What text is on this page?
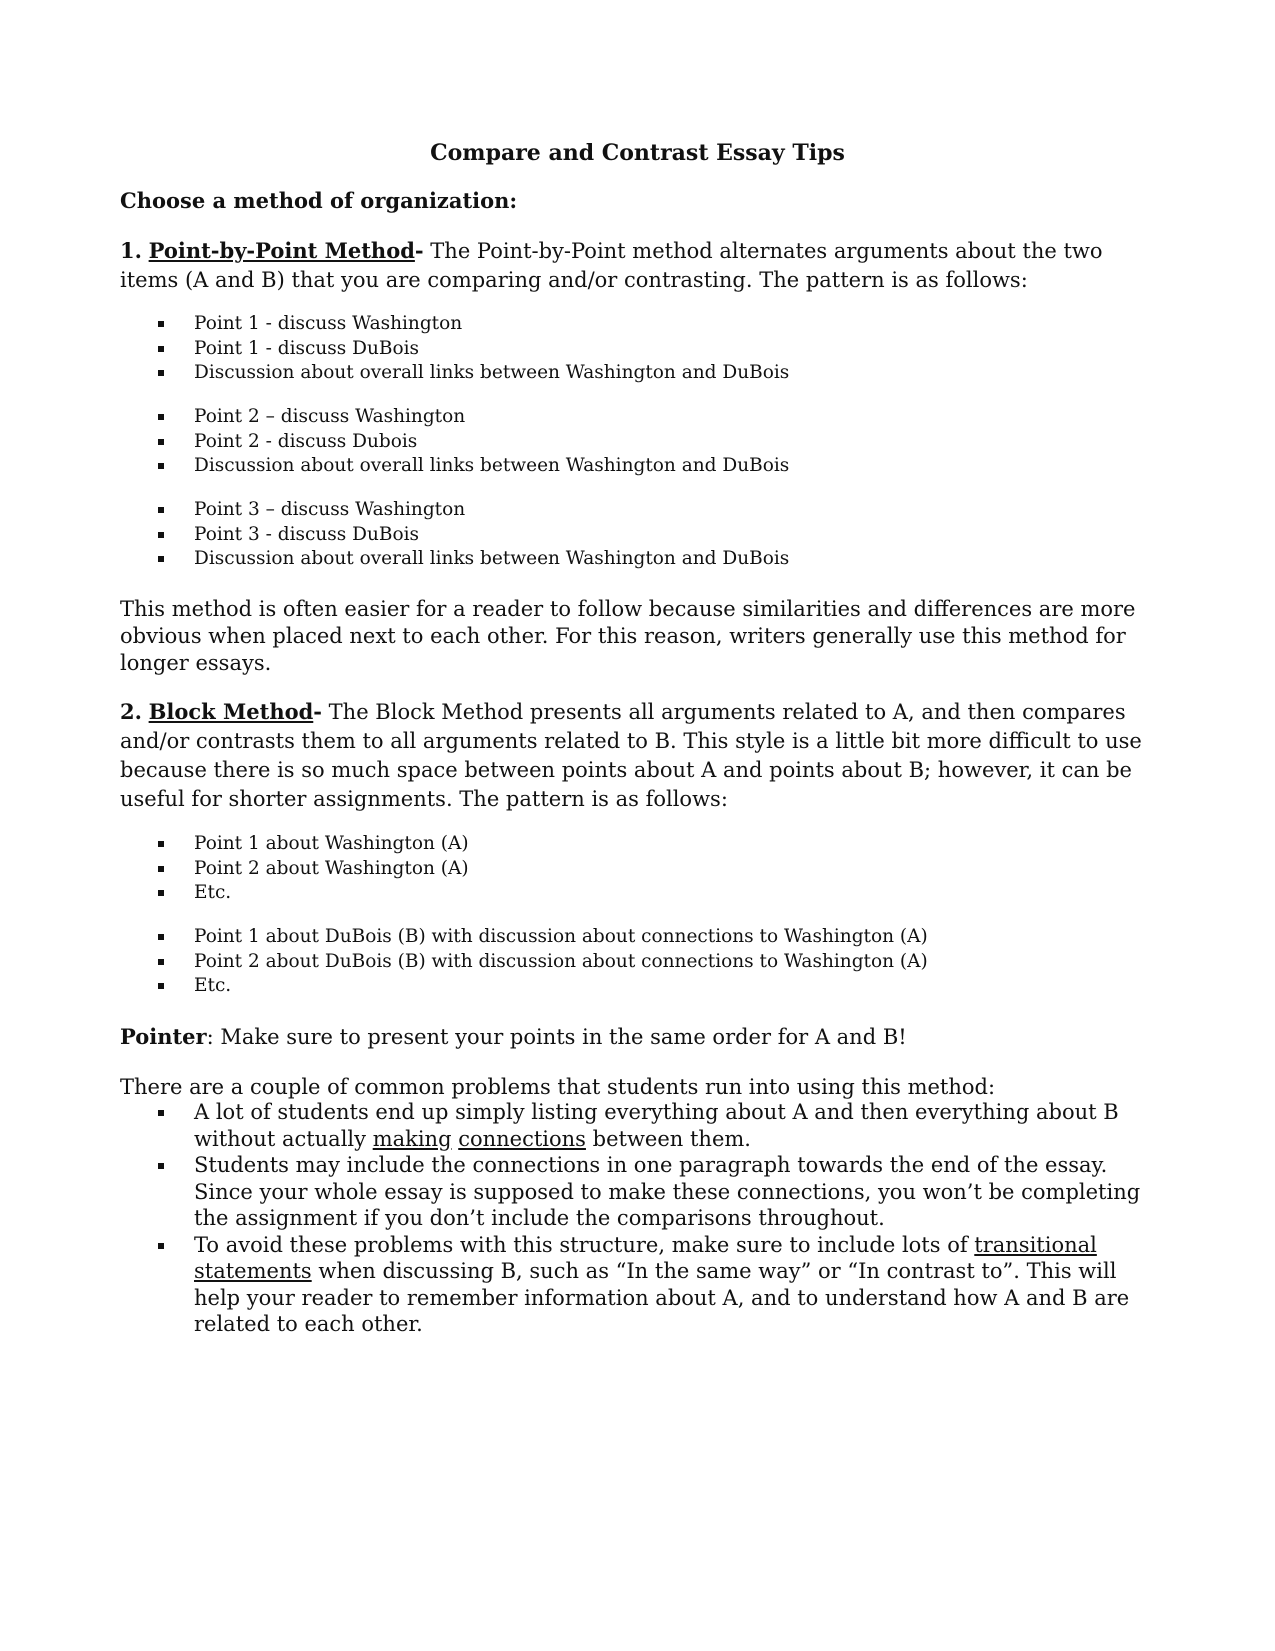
Compare and Contrast Essay Tips
Choose a method of organization:
1. Point-by-Point Method- The Point-by-Point method alternates arguments about the two items (A and B) that you are comparing and/or contrasting. The pattern is as follows:
Point 1 - discuss Washington
Point 1 - discuss DuBois
Discussion about overall links between Washington and DuBois
Point 2 – discuss Washington
Point 2 - discuss Dubois
Discussion about overall links between Washington and DuBois
Point 3 – discuss Washington
Point 3 - discuss DuBois
Discussion about overall links between Washington and DuBois
This method is often easier for a reader to follow because similarities and differences are more obvious when placed next to each other. For this reason, writers generally use this method for longer essays.
2. Block Method- The Block Method presents all arguments related to A, and then compares and/or contrasts them to all arguments related to B. This style is a little bit more difficult to use because there is so much space between points about A and points about B; however, it can be useful for shorter assignments. The pattern is as follows:
Point 1 about Washington (A)
Point 2 about Washington (A)
Etc.
Point 1 about DuBois (B) with discussion about connections to Washington (A)
Point 2 about DuBois (B) with discussion about connections to Washington (A)
Etc.
Pointer: Make sure to present your points in the same order for A and B!
There are a couple of common problems that students run into using this method:
A lot of students end up simply listing everything about A and then everything about B without actually making connections between them.
Students may include the connections in one paragraph towards the end of the essay. Since your whole essay is supposed to make these connections, you won’t be completing the assignment if you don’t include the comparisons throughout.
To avoid these problems with this structure, make sure to include lots of transitional statements when discussing B, such as “In the same way” or “In contrast to”. This will help your reader to remember information about A, and to understand how A and B are related to each other.
